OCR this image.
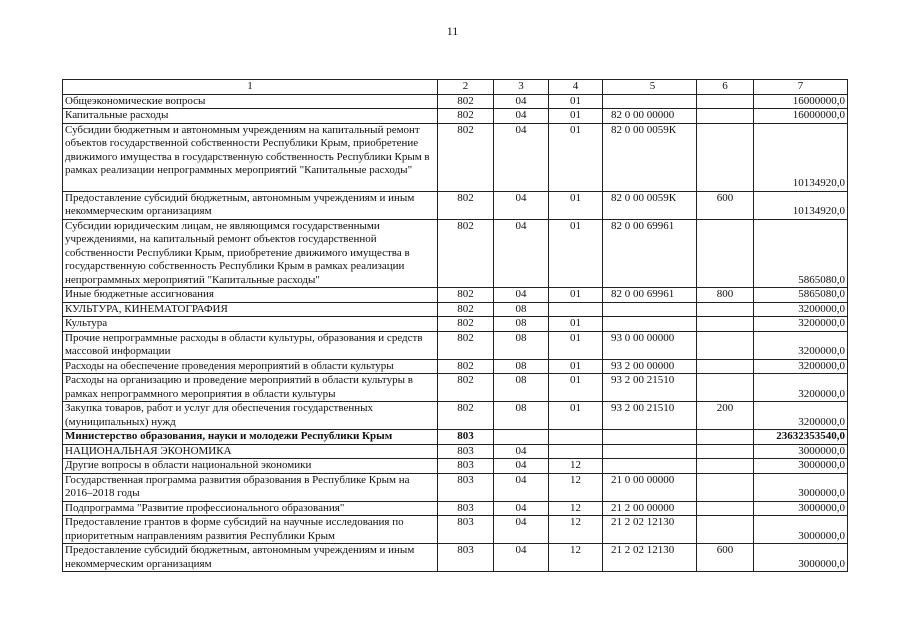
11
1	2	3	4	5	6	7
Общеэкономические вопросы	802	04	01			16000000,0
Капитальные расходы	802	04	01	82 0 00 00000		16000000,0
Субсидии бюджетным и автономным учреждениям на капитальный ремонт объектов государственной собственности Республики Крым, приобретение движимого имущества в государственную собственность Республики Крым в рамках реализации непрограммных мероприятий "Капитальные расходы"	802	04	01	82 0 00 0059К		10134920,0
Предоставление субсидий бюджетным, автономным учреждениям и иным некоммерческим организациям	802	04	01	82 0 00 0059К	600	10134920,0
Субсидии юридическим лицам, не являющимся государственными учреждениями, на капитальный ремонт объектов государственной собственности Республики Крым, приобретение движимого имущества в государственную собственность Республики Крым в рамках реализации непрограммных мероприятий "Капитальные расходы"	802	04	01	82 0 00 69961		5865080,0
Иные бюджетные ассигнования	802	04	01	82 0 00 69961	800	5865080,0
КУЛЬТУРА, КИНЕМАТОГРАФИЯ	802	08				3200000,0
Культура	802	08	01			3200000,0
Прочие непрограммные расходы в области культуры, образования и средств массовой информации	802	08	01	93 0 00 00000		3200000,0
Расходы на обеспечение проведения мероприятий в области культуры	802	08	01	93 2 00 00000		3200000,0
Расходы на организацию и проведение мероприятий в области культуры в рамках непрограммного мероприятия в области культуры	802	08	01	93 2 00 21510		3200000,0
Закупка товаров, работ и услуг для обеспечения государственных (муниципальных) нужд	802	08	01	93 2 00 21510	200	3200000,0
Министерство образования, науки и молодежи Республики Крым	803					23632353540,0
НАЦИОНАЛЬНАЯ ЭКОНОМИКА	803	04				3000000,0
Другие вопросы в области национальной экономики	803	04	12			3000000,0
Государственная программа развития образования в Республике Крым на 2016–2018 годы	803	04	12	21 0 00 00000		3000000,0
Подпрограмма "Развитие профессионального образования"	803	04	12	21 2 00 00000		3000000,0
Предоставление грантов в форме субсидий на научные исследования по приоритетным направлениям развития Республики Крым	803	04	12	21 2 02 12130		3000000,0
Предоставление субсидий бюджетным, автономным учреждениям и иным некоммерческим организациям	803	04	12	21 2 02 12130	600	3000000,0
